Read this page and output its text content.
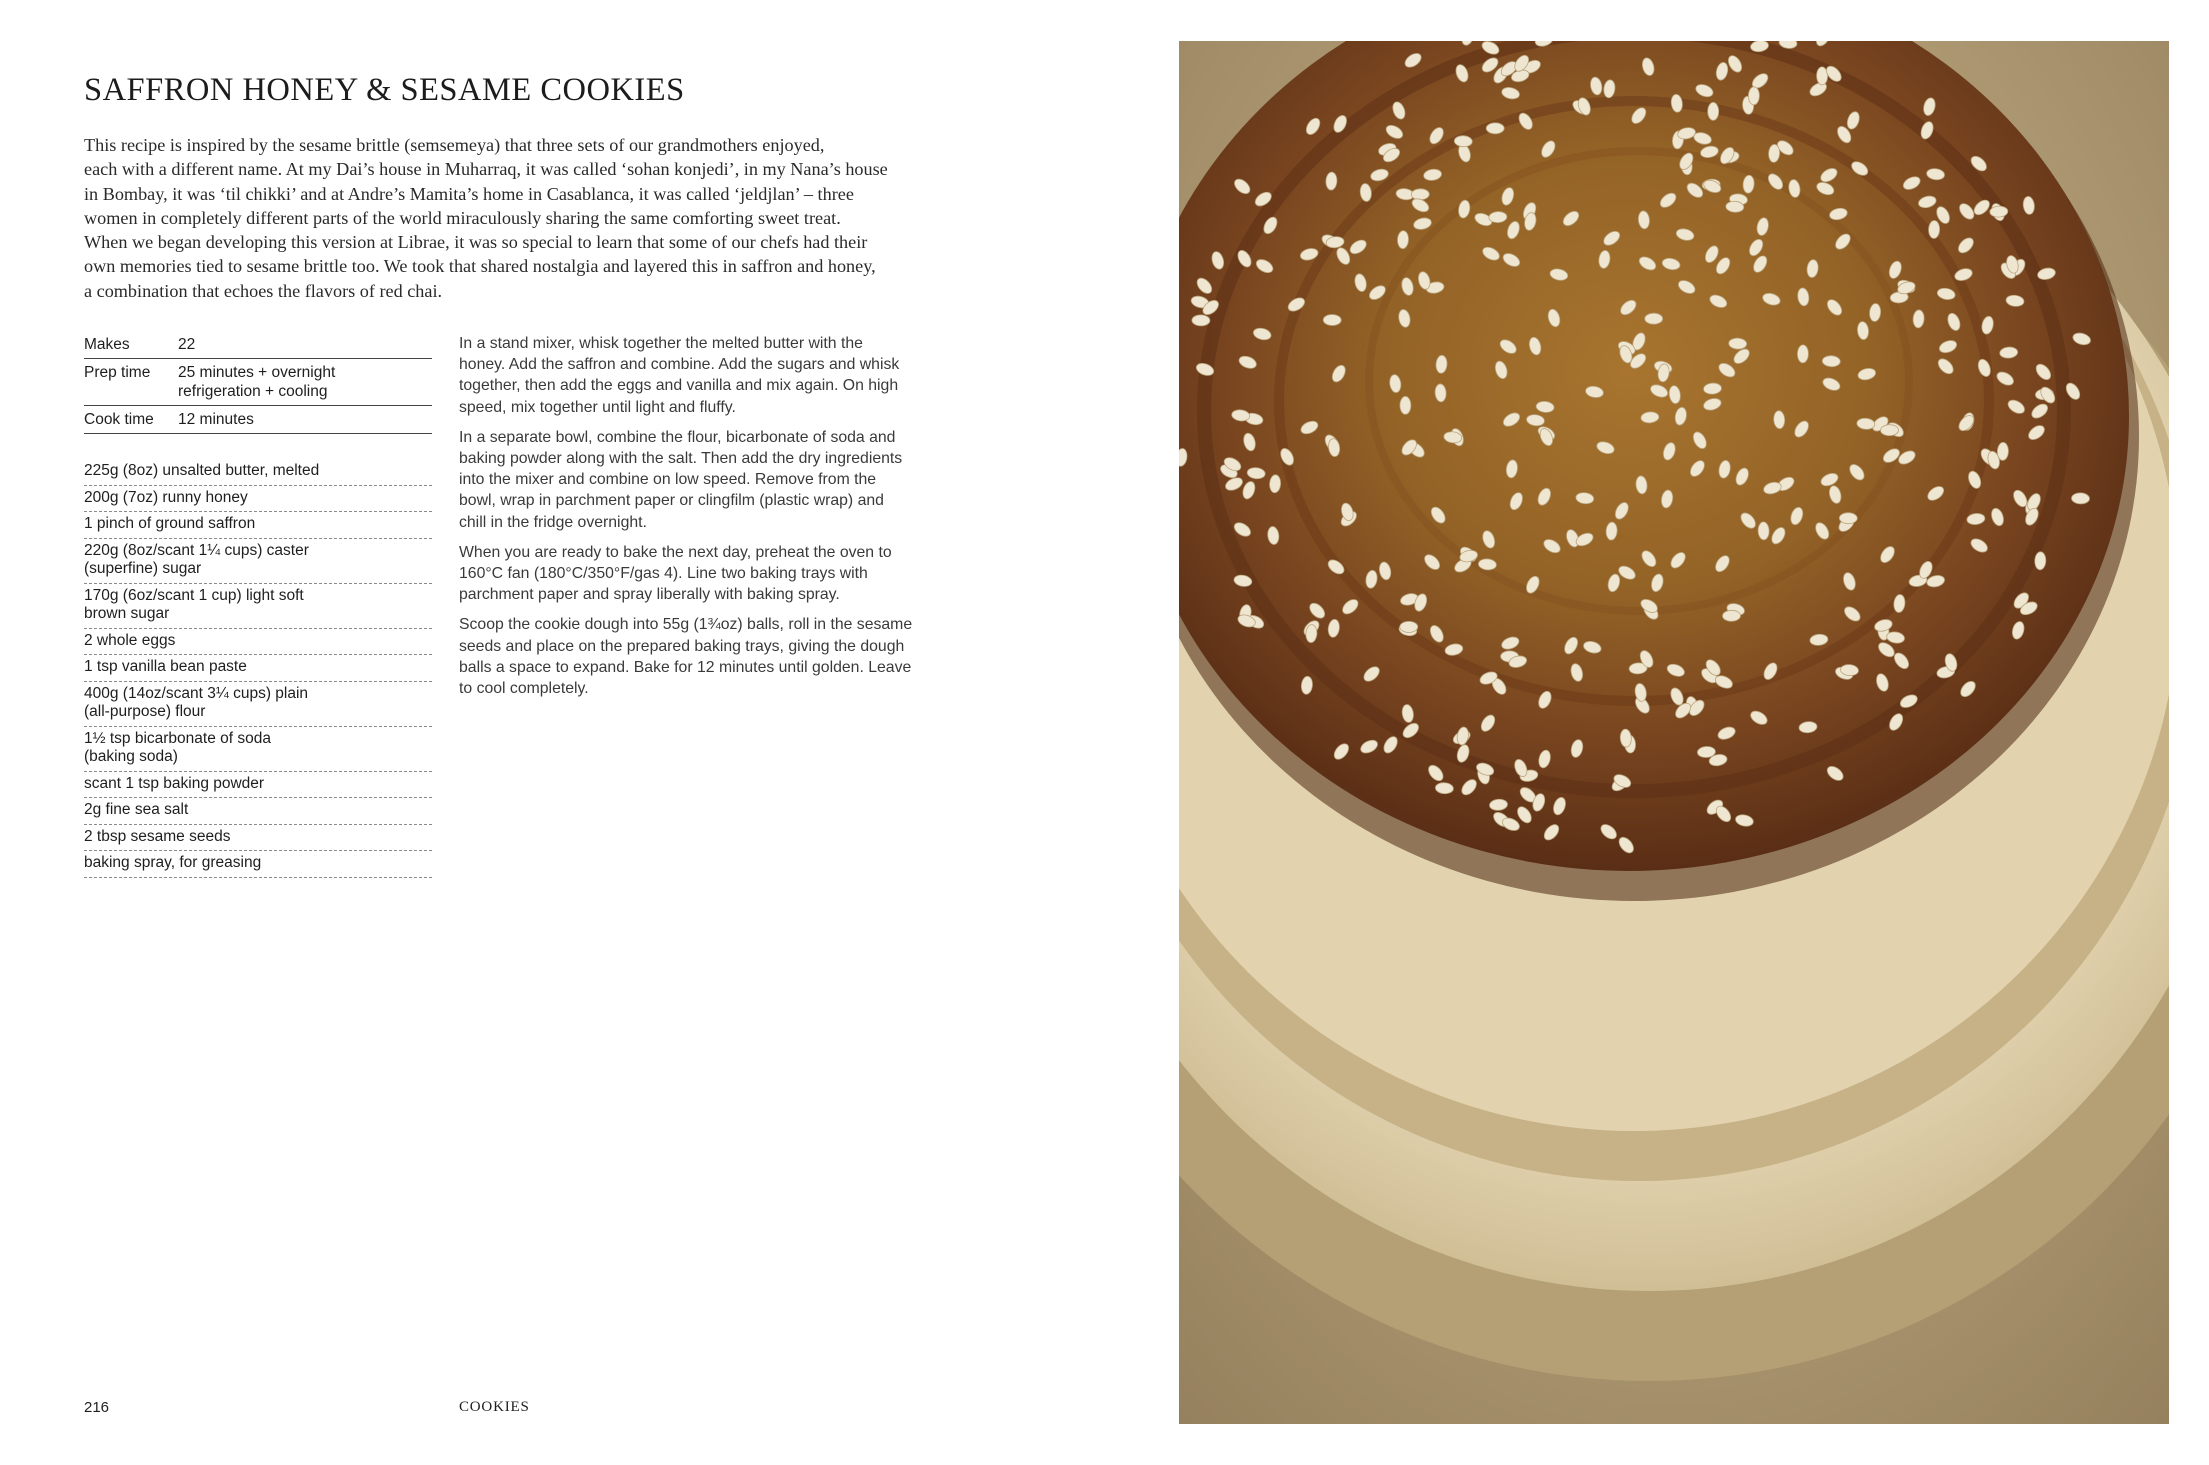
SAFFRON HONEY & SESAME COOKIES
This recipe is inspired by the sesame brittle (semsemeya) that three sets of our grandmothers enjoyed,
each with a different name. At my Dai’s house in Muharraq, it was called ‘sohan konjedi’, in my Nana’s house
in Bombay, it was ‘til chikki’ and at Andre’s Mamita’s home in Casablanca, it was called ‘jeldjlan’ – three
women in completely different parts of the world miraculously sharing the same comforting sweet treat.
When we began developing this version at Librae, it was so special to learn that some of our chefs had their
own memories tied to sesame brittle too. We took that shared nostalgia and layered this in saffron and honey,
a combination that echoes the flavors of red chai.
Makes	22
Prep time	25 minutes + overnight
refrigeration + cooling
Cook time	12 minutes
225g (8oz) unsalted butter, melted
200g (7oz) runny honey
1 pinch of ground saffron
220g (8oz/scant 1¼ cups) caster
(superfine) sugar
170g (6oz/scant 1 cup) light soft
brown sugar
2 whole eggs
1 tsp vanilla bean paste
400g (14oz/scant 3¼ cups) plain
(all-purpose) flour
1½ tsp bicarbonate of soda
(baking soda)
scant 1 tsp baking powder
2g fine sea salt
2 tbsp sesame seeds
baking spray, for greasing

In a stand mixer, whisk together the melted butter with the
honey. Add the saffron and combine. Add the sugars and whisk
together, then add the eggs and vanilla and mix again. On high
speed, mix together until light and fluffy.

In a separate bowl, combine the flour, bicarbonate of soda and
baking powder along with the salt. Then add the dry ingredients
into the mixer and combine on low speed. Remove from the
bowl, wrap in parchment paper or clingfilm (plastic wrap) and
chill in the fridge overnight.

When you are ready to bake the next day, preheat the oven to
160°C fan (180°C/350°F/gas 4). Line two baking trays with
parchment paper and spray liberally with baking spray.

Scoop the cookie dough into 55g (1¾oz) balls, roll in the sesame
seeds and place on the prepared baking trays, giving the dough
balls a space to expand. Bake for 12 minutes until golden. Leave
to cool completely.

216	COOKIES
